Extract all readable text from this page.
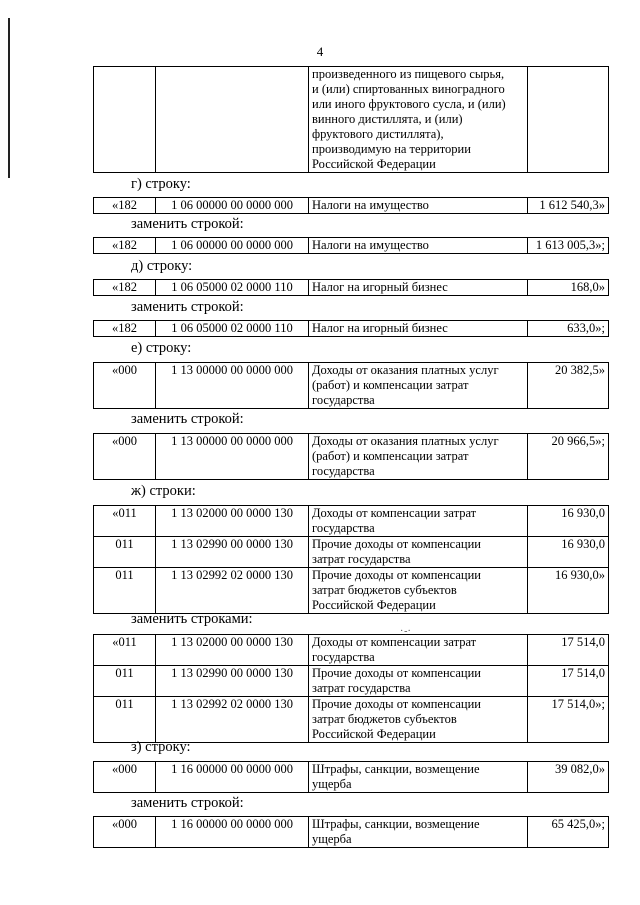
4

произведенного из пищевого сырья,
и (или) спиртованных виноградного
или иного фруктового сусла, и (или)
винного дистиллята, и (или)
фруктового дистиллята),
производимую на территории
Российской Федерации

г) строку:
«182	1 06 00000 00 0000 000	Налоги на имущество	1 612 540,3»
заменить строкой:
«182	1 06 00000 00 0000 000	Налоги на имущество	1 613 005,3»;
д) строку:
«182	1 06 05000 02 0000 110	Налог на игорный бизнес	168,0»
заменить строкой:
«182	1 06 05000 02 0000 110	Налог на игорный бизнес	633,0»;
е) строку:
«000	1 13 00000 00 0000 000	Доходы от оказания платных услуг
(работ) и компенсации затрат
государства
	20 382,5»
заменить строкой:
«000	1 13 00000 00 0000 000	Доходы от оказания платных услуг
(работ) и компенсации затрат
государства
	20 966,5»;
ж) строки:
«011	1 13 02000 00 0000 130	Доходы от компенсации затрат
государства	16 930,0
011	1 13 02990 00 0000 130	Прочие доходы от компенсации
затрат государства	16 930,0
011	1 13 02992 02 0000 130	Прочие доходы от компенсации
затрат бюджетов субъектов
Российской Федерации	16 930,0»
заменить строками:
· -·
«011	1 13 02000 00 0000 130	Доходы от компенсации затрат
государства	17 514,0
011	1 13 02990 00 0000 130	Прочие доходы от компенсации
затрат государства	17 514,0
011	1 13 02992 02 0000 130	Прочие доходы от компенсации
затрат бюджетов субъектов
Российской Федерации	17 514,0»;
з) строку:
«000	1 16 00000 00 0000 000	Штрафы, санкции, возмещение
ущерба
	39 082,0»
заменить строкой:
«000	1 16 00000 00 0000 000	Штрафы, санкции, возмещение
ущерба
	65 425,0»;
